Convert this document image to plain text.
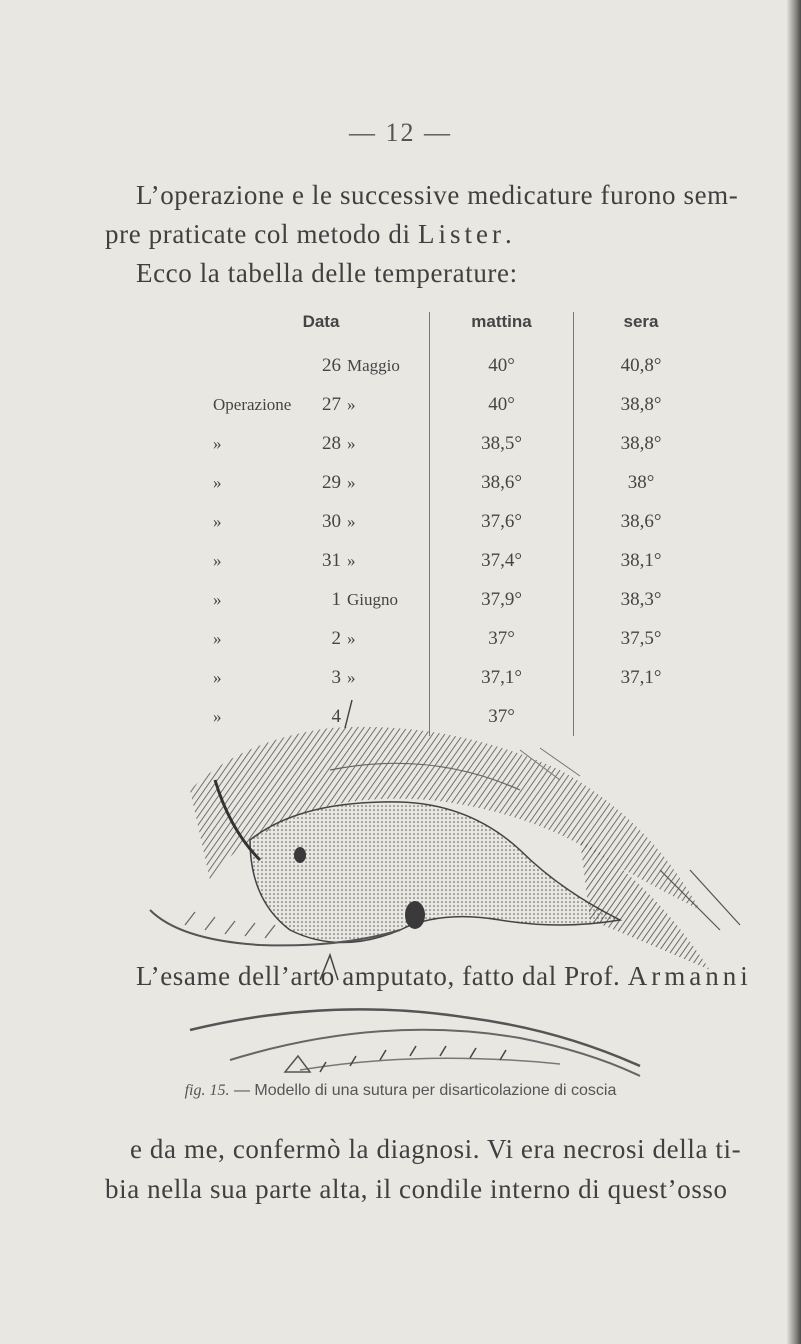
— 12 —
L’operazione e le successive medicature furono sem-
pre praticate col metodo di Lister.
Ecco la tabella delle temperature:
Data			mattina	sera
	26	Maggio	40°	40,8°
Operazione	27	»	40°	38,8°
»	28	»	38,5°	38,8°
»	29	»	38,6°	38°
»	30	»	37,6°	38,6°
»	31	»	37,4°	38,1°
»	1	Giugno	37,9°	38,3°
»	2	»	37°	37,5°
»	3	»	37,1°	37,1°
»	4		37°	
fig. 15. — Modello di una sutura per disarticolazione di coscia
L’esame dell’arto amputato, fatto dal Prof. Armanni
e da me, confermò la diagnosi. Vi era necrosi della ti-
bia nella sua parte alta, il condile interno di quest’osso
